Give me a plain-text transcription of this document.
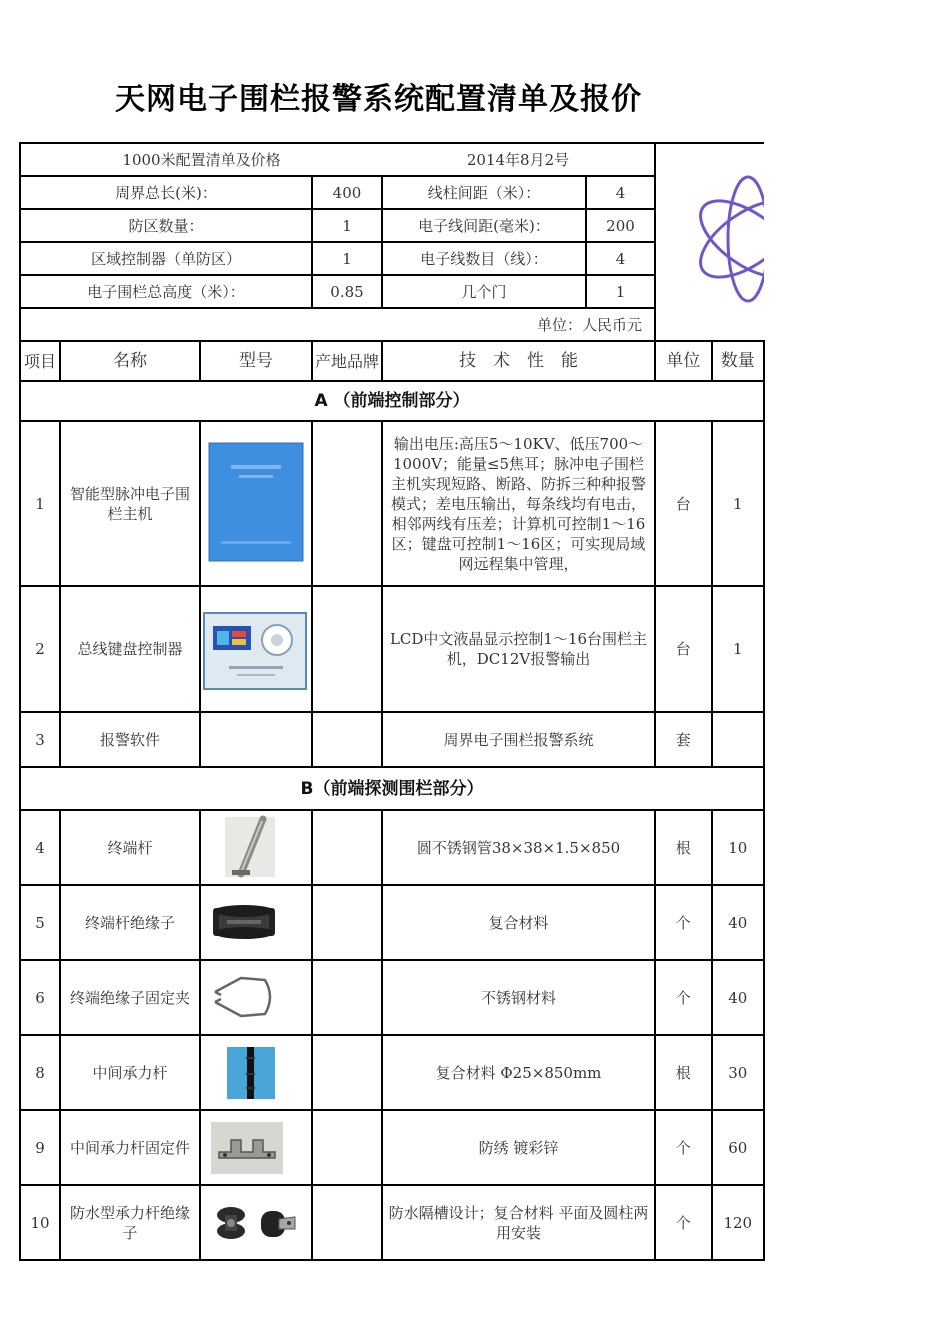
天网电子围栏报警系统配置清单及报价
1000米配置清单及价格				2014年8月2号	

周界总长(米)：			400	线柱间距（米）：	4		
防区数量：			1	电子线间距(毫米)：	200		
区域控制器（单防区）			1	电子线数目（线）：	4		
电子围栏总高度（米）：			0.85	几个门	1		
单位：人民币元							
项目	名称	型号	产地品牌	技　术　性　能		单位	数量
A （前端控制部分）							
1	智能型脉冲电子围栏主机			输出电压:高压5～10KV、低压700～1000V；能量≤5焦耳；脉冲电子围栏主机实现短路、断路、防拆三种种报警模式；差电压输出，每条线均有电击，相邻两线有压差；计算机可控制1～16区；键盘可控制1～16区；可实现局域网远程集中管理，		台	1
2	总线键盘控制器			LCD中文液晶显示控制1～16台围栏主机，DC12V报警输出		台	1
3	报警软件			周界电子围栏报警系统		套	
B（前端探测围栏部分）							
4	终端杆			圆不锈钢管38×38×1.5×850		根	10
5	终端杆绝缘子			复合材料		个	40
6	终端绝缘子固定夹			不锈钢材料		个	40
8	中间承力杆			复合材料 Φ25×850mm		根	30
9	中间承力杆固定件			防绣 镀彩锌		个	60
10	防水型承力杆绝缘子			防水隔槽设计；复合材料 平面及圆柱两用安装		个	120
